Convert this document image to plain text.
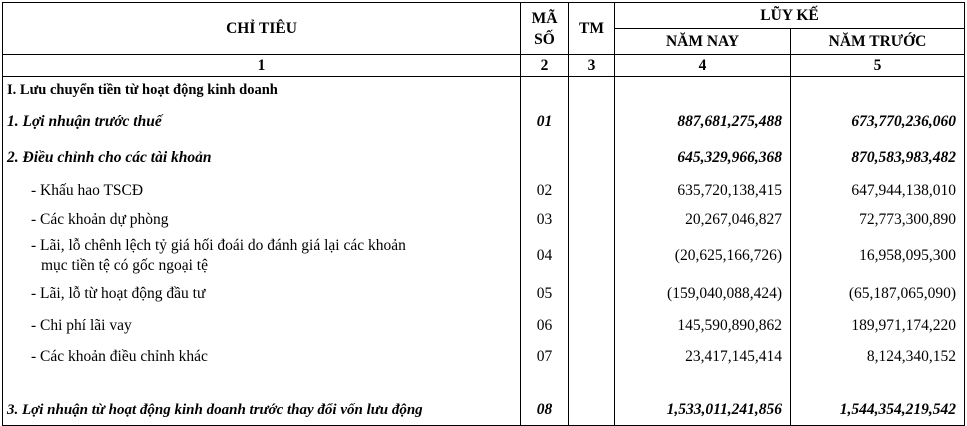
CHỈ TIÊU	MÃ SỐ	TM	LŨY KẾ	
			NĂM NAY	NĂM TRƯỚC
1	2	3	4	5
I. Lưu chuyển tiền từ hoạt động kinh doanh				
1. Lợi nhuận trước thuế	01		887,681,275,488	673,770,236,060
2. Điều chỉnh cho các tài khoản			645,329,966,368	870,583,983,482
- Khấu hao TSCĐ	02		635,720,138,415	647,944,138,010
- Các khoản dự phòng	03		20,267,046,827	72,773,300,890
- Lãi, lỗ chênh lệch tỷ giá hối đoái do đánh giá lại các khoản
mục tiền tệ có gốc ngoại tệ	04		(20,625,166,726)	16,958,095,300
- Lãi, lỗ từ hoạt động đầu tư	05		(159,040,088,424)	(65,187,065,090)
- Chi phí lãi vay	06		145,590,890,862	189,971,174,220
- Các khoản điều chỉnh khác	07		23,417,145,414	8,124,340,152

3. Lợi nhuận từ hoạt động kinh doanh trước thay đổi vốn lưu động	08		1,533,011,241,856	1,544,354,219,542
